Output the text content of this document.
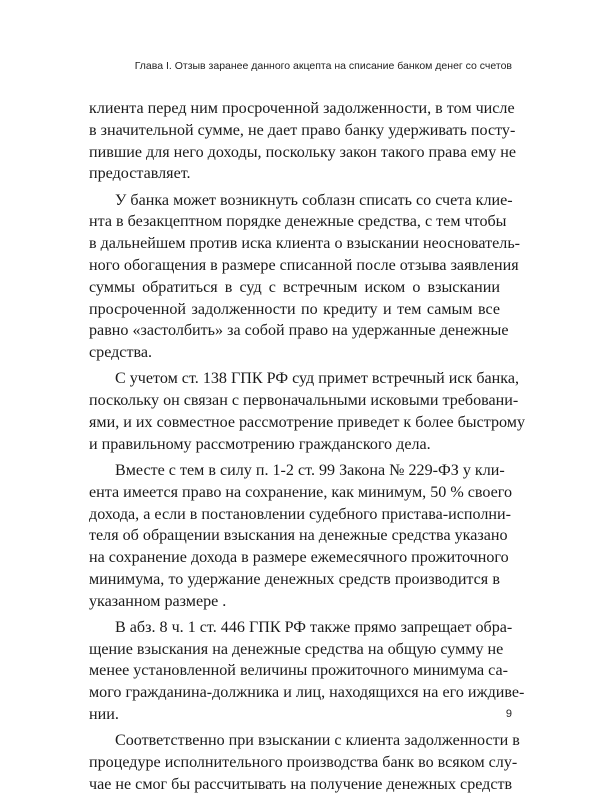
Глава I. Отзыв заранее данного акцепта на списание банком денег со счетов
клиента перед ним просроченной задолженности, в том числе
в значительной сумме, не дает право банку удерживать посту-
пившие для него доходы, поскольку закон такого права ему не
предоставляет.
У банка может возникнуть соблазн списать со счета клие-
нта в безакцептном порядке денежные средства, с тем чтобы
в дальнейшем против иска клиента о взыскании неоснователь-
ного обогащения в размере списанной после отзыва заявления
суммы обратиться в суд с встречным иском о взыскании
просроченной задолженности по кредиту и тем самым все
равно «застолбить» за собой право на удержанные денежные
средства.
С учетом ст. 138 ГПК РФ суд примет встречный иск банка,
поскольку он связан с первоначальными исковыми требовани-
ями, и их совместное рассмотрение приведет к более быстрому
и правильному рассмотрению гражданского дела.
Вместе с тем в силу п. 1-2 ст. 99 Закона № 229-ФЗ у кли-
ента имеется право на сохранение, как минимум, 50 % своего
дохода, а если в постановлении судебного пристава-исполни-
теля об обращении взыскания на денежные средства указано
на сохранение дохода в размере ежемесячного прожиточного
минимума, то удержание денежных средств производится в
указанном размере .
В абз. 8 ч. 1 ст. 446 ГПК РФ также прямо запрещает обра-
щение взыскания на денежные средства на общую сумму не
менее установленной величины прожиточного минимума са-
мого гражданина-должника и лиц, находящихся на его иждиве-
нии.
Соответственно при взыскании с клиента задолженности в
процедуре исполнительного производства банк во всяком слу-
чае не смог бы рассчитывать на получение денежных средств
9
